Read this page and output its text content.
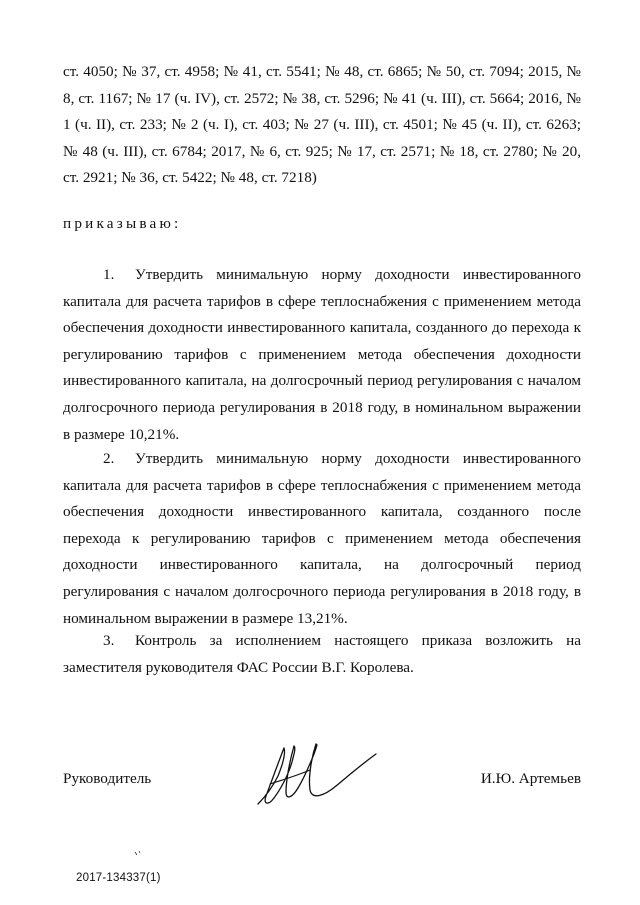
ст. 4050; № 37, ст. 4958; № 41, ст. 5541; № 48, ст. 6865; № 50, ст. 7094; 2015, № 8, ст. 1167; № 17 (ч. IV), ст. 2572; № 38, ст. 5296; № 41 (ч. III), ст. 5664; 2016, № 1 (ч. II), ст. 233; № 2 (ч. I), ст. 403; № 27 (ч. III), ст. 4501; № 45 (ч. II), ст. 6263; № 48 (ч. III), ст. 6784; 2017, № 6, ст. 925; № 17, ст. 2571; № 18, ст. 2780; № 20, ст. 2921; № 36, ст. 5422; № 48, ст. 7218)
приказываю:
1. Утвердить минимальную норму доходности инвестированного капитала для расчета тарифов в сфере теплоснабжения с применением метода обеспечения доходности инвестированного капитала, созданного до перехода к регулированию тарифов с применением метода обеспечения доходности инвестированного капитала, на долгосрочный период регулирования с началом долгосрочного периода регулирования в 2018 году, в номинальном выражении в размере 10,21%.
2. Утвердить минимальную норму доходности инвестированного капитала для расчета тарифов в сфере теплоснабжения с применением метода обеспечения доходности инвестированного капитала, созданного после перехода к регулированию тарифов с применением метода обеспечения доходности инвестированного капитала, на долгосрочный период регулирования с началом долгосрочного периода регулирования в 2018 году, в номинальном выражении в размере 13,21%.
3. Контроль за исполнением настоящего приказа возложить на заместителя руководителя ФАС России В.Г. Королева.
Руководитель	И.Ю. Артемьев
2017-134337(1)
